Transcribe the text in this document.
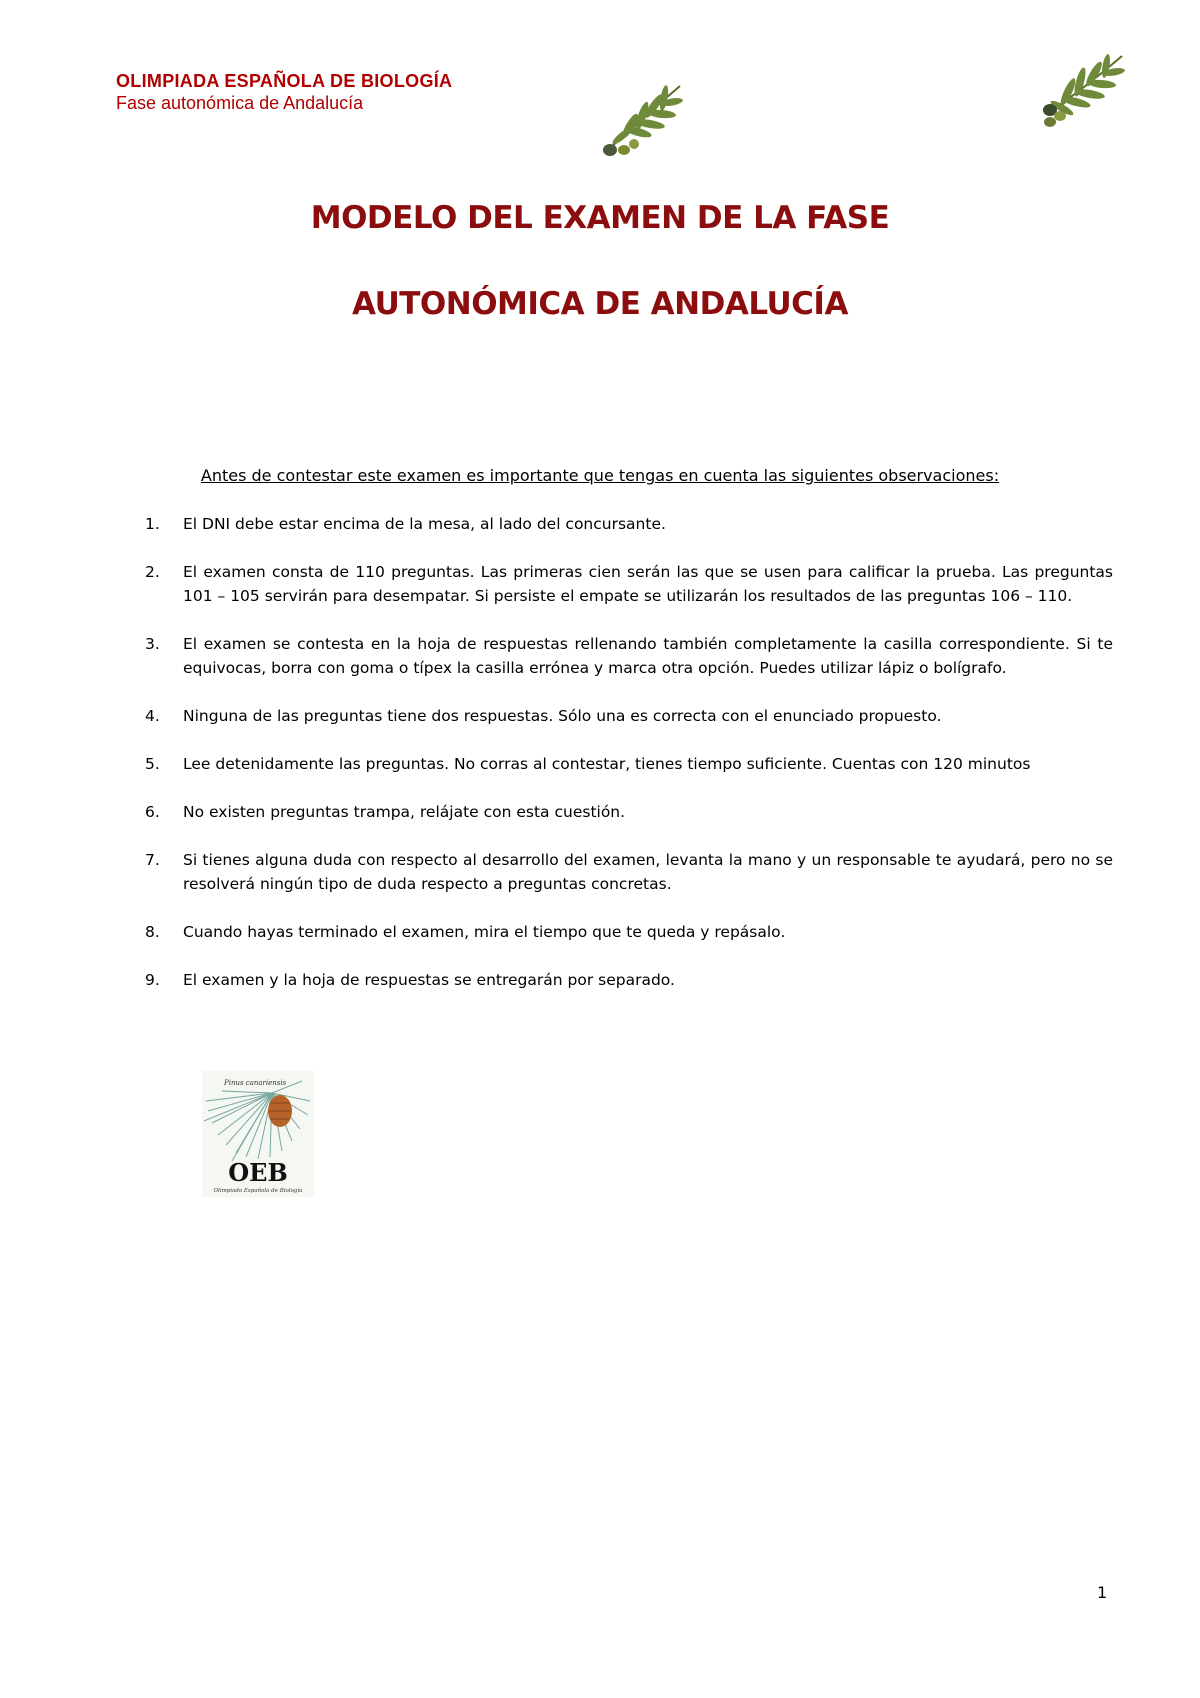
OLIMPIADA ESPAÑOLA DE BIOLOGÍA
Fase autonómica de Andalucía
MODELO DEL EXAMEN DE LA FASE
AUTONÓMICA DE ANDALUCÍA
Antes de contestar este examen es importante que tengas en cuenta las siguientes observaciones:
1. El DNI debe estar encima de la mesa, al lado del concursante.
2. El examen consta de 110 preguntas. Las primeras cien serán las que se usen para calificar la prueba. Las preguntas 101 – 105 servirán para desempatar. Si persiste el empate se utilizarán los resultados de las preguntas 106 – 110.
3. El examen se contesta en la hoja de respuestas rellenando también completamente la casilla correspondiente. Si te equivocas, borra con goma o típex la casilla errónea y marca otra opción. Puedes utilizar lápiz o bolígrafo.
4. Ninguna de las preguntas tiene dos respuestas. Sólo una es correcta con el enunciado propuesto.
5. Lee detenidamente las preguntas. No corras al contestar, tienes tiempo suficiente. Cuentas con 120 minutos
6. No existen preguntas trampa, relájate con esta cuestión.
7. Si tienes alguna duda con respecto al desarrollo del examen, levanta la mano y un responsable te ayudará, pero no se resolverá ningún tipo de duda respecto a preguntas concretas.
8. Cuando hayas terminado el examen, mira el tiempo que te queda y repásalo.
9. El examen y la hoja de respuestas se entregarán por separado.
Pinus canariensis
OEB
Olimpiada Española de Biología
1
